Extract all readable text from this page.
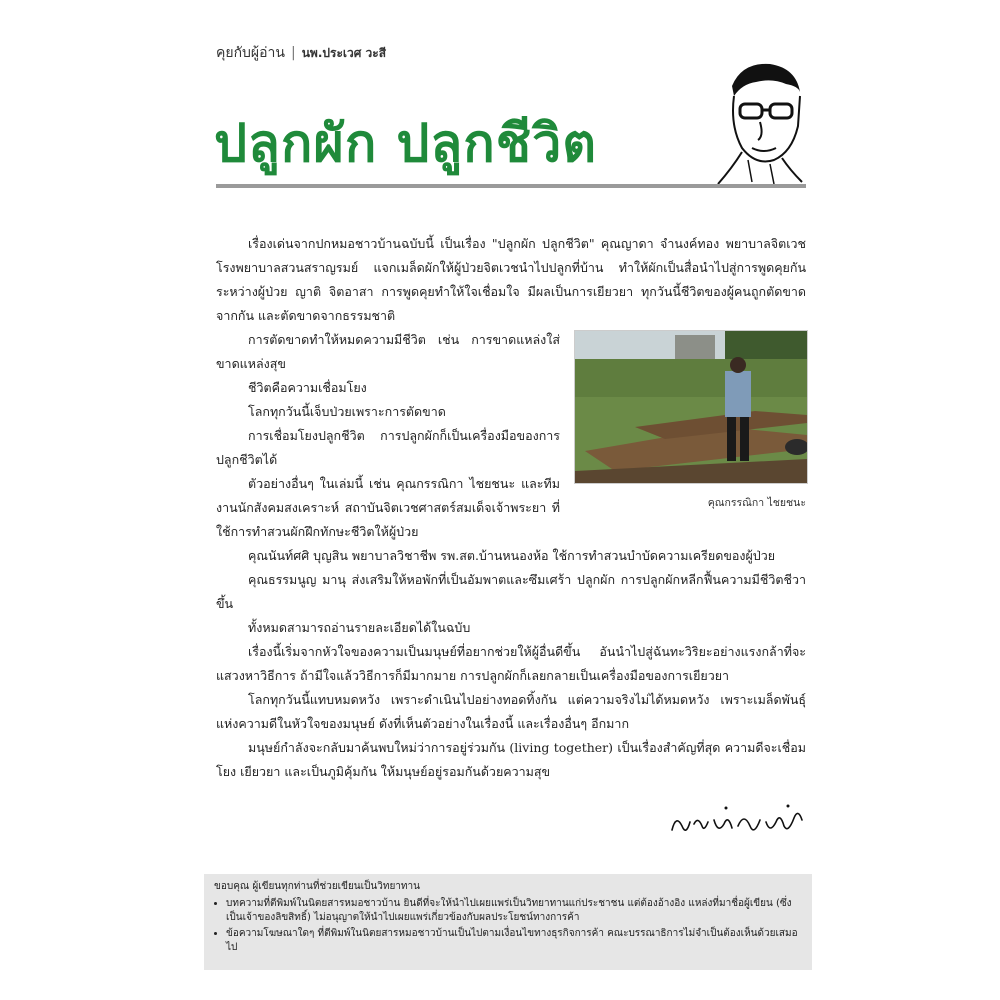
คุยกับผู้อ่าน | นพ.ประเวศ วะสี
ปลูกผัก ปลูกชีวิต

เรื่องเด่นจากปกหมอชาวบ้านฉบับนี้ เป็นเรื่อง "ปลูกผัก ปลูกชีวิต" คุณญาดา จำนงค์ทอง พยาบาลจิตเวช โรงพยาบาลสวนสราญรมย์ แจกเมล็ดผักให้ผู้ป่วยจิตเวชนำไปปลูกที่บ้าน ทำให้ผักเป็นสื่อนำไปสู่การพูดคุยกันระหว่างผู้ป่วย ญาติ จิตอาสา การพูดคุยทำให้ใจเชื่อมใจ มีผลเป็นการเยียวยา ทุกวันนี้ชีวิตของผู้คนถูกตัดขาดจากกัน และตัดขาดจากธรรมชาติ

คุณกรรณิกา ไชยชนะ

การตัดขาดทำให้หมดความมีชีวิต เช่น การขาดแหล่งใส่ ขาดแหล่งสุข

ชีวิตคือความเชื่อมโยง

โลกทุกวันนี้เจ็บป่วยเพราะการตัดขาด

การเชื่อมโยงปลูกชีวิต การปลูกผักก็เป็นเครื่องมือของการปลูกชีวิตได้

ตัวอย่างอื่นๆ ในเล่มนี้ เช่น คุณกรรณิกา ไชยชนะ และทีมงานนักสังคมสงเคราะห์ สถาบันจิตเวชศาสตร์สมเด็จเจ้าพระยา ที่ใช้การทำสวนผักฝึกทักษะชีวิตให้ผู้ป่วย

คุณนันท์ศศิ บุญสิน พยาบาลวิชาชีพ รพ.สต.บ้านหนองห้อ ใช้การทำสวนบำบัดความเครียดของผู้ป่วย

คุณธรรมนูญ มานุ ส่งเสริมให้หอพักที่เป็นอัมพาตและซึมเศร้า ปลูกผัก การปลูกผักหลีกฟื้นความมีชีวิตชีวาขึ้น

ทั้งหมดสามารถอ่านรายละเอียดได้ในฉบับ

เรื่องนี้เริ่มจากหัวใจของความเป็นมนุษย์ที่อยากช่วยให้ผู้อื่นดีขึ้น อันนำไปสู่ฉันทะวิริยะอย่างแรงกล้าที่จะแสวงหาวิธีการ ถ้ามีใจแล้ววิธีการก็มีมากมาย การปลูกผักก็เลยกลายเป็นเครื่องมือของการเยียวยา

โลกทุกวันนี้แทบหมดหวัง เพราะดำเนินไปอย่างทอดทิ้งกัน แต่ความจริงไม่ได้หมดหวัง เพราะเมล็ดพันธุ์แห่งความดีในหัวใจของมนุษย์ ดังที่เห็นตัวอย่างในเรื่องนี้ และเรื่องอื่นๆ อีกมาก

มนุษย์กำลังจะกลับมาค้นพบใหม่ว่าการอยู่ร่วมกัน (living together) เป็นเรื่องสำคัญที่สุด ความดีจะเชื่อมโยง เยียวยา และเป็นภูมิคุ้มกัน ให้มนุษย์อยู่รอมกันด้วยความสุข

ขอบคุณ ผู้เขียนทุกท่านที่ช่วยเขียนเป็นวิทยาทาน

• บทความที่ตีพิมพ์ในนิตยสารหมอชาวบ้าน ยินดีที่จะให้นำไปเผยแพร่เป็นวิทยาทานแก่ประชาชน แต่ต้องอ้างอิง แหล่งที่มาชื่อผู้เขียน (ซึ่งเป็นเจ้าของลิขสิทธิ์) ไม่อนุญาตให้นำไปเผยแพร่เกี่ยวข้องกับผลประโยชน์ทางการค้า
• ข้อความโฆษณาใดๆ ที่ตีพิมพ์ในนิตยสารหมอชาวบ้านเป็นไปตามเงื่อนไขทางธุรกิจการค้า คณะบรรณาธิการไม่จำเป็นต้องเห็นด้วยเสมอไป
